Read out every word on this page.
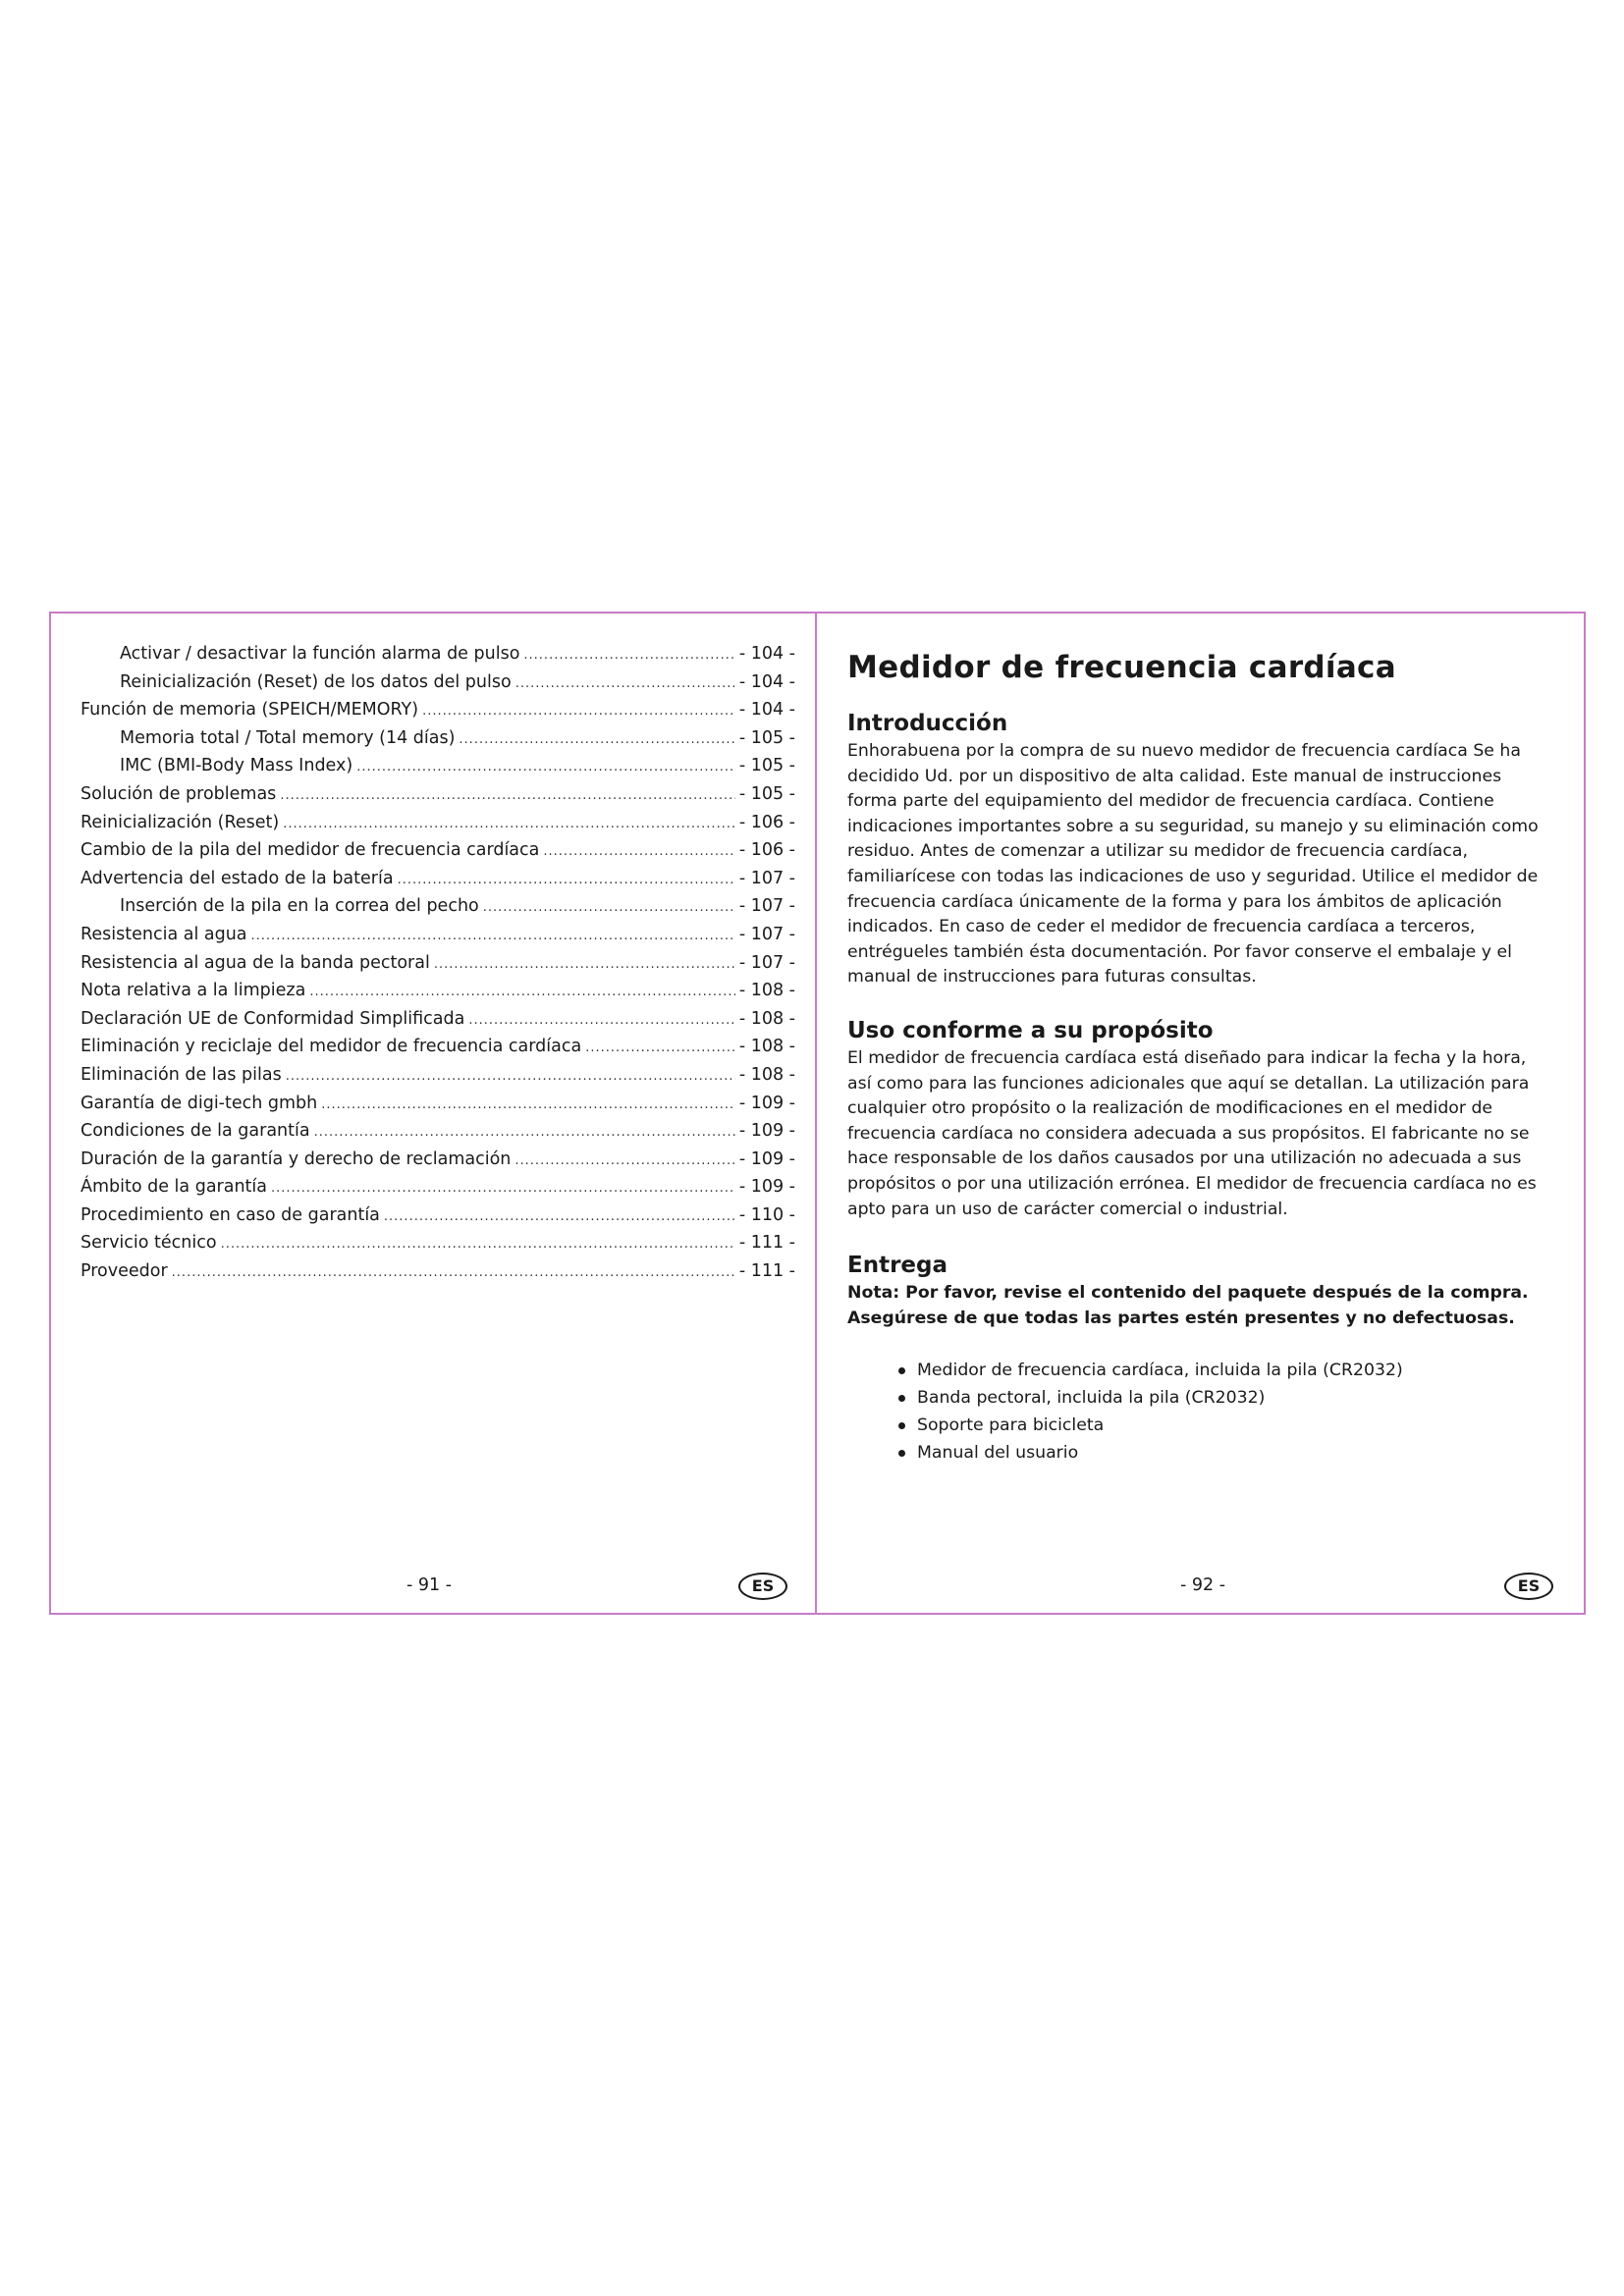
Activar / desactivar la función alarma de pulso .....	- 104 -
Reinicialización (Reset) de los datos del pulso .....	- 104 -
Función de memoria (SPEICH/MEMORY) .....	- 104 -
Memoria total / Total memory (14 días) .....	- 105 -
IMC (BMI-Body Mass Index) .....	- 105 -
Solución de problemas .....	- 105 -
Reinicialización (Reset) .....	- 106 -
Cambio de la pila del medidor de frecuencia cardíaca .....	- 106 -
Advertencia del estado de la batería .....	- 107 -
Inserción de la pila en la correa del pecho .....	- 107 -
Resistencia al agua .....	- 107 -
Resistencia al agua de la banda pectoral .....	- 107 -
Nota relativa a la limpieza .....	- 108 -
Declaración UE de Conformidad Simplificada .....	- 108 -
Eliminación y reciclaje del medidor de frecuencia cardíaca .....	- 108 -
Eliminación de las pilas .....	- 108 -
Garantía de digi-tech gmbh .....	- 109 -
Condiciones de la garantía .....	- 109 -
Duración de la garantía y derecho de reclamación .....	- 109 -
Ámbito de la garantía .....	- 109 -
Procedimiento en caso de garantía .....	- 110 -
Servicio técnico .....	- 111 -
Proveedor .....	- 111 -
- 91 -	ES
Medidor de frecuencia cardíaca
Introducción

Enhorabuena por la compra de su nuevo medidor de frecuencia cardíaca Se ha decidido Ud. por un dispositivo de alta calidad. Este manual de instrucciones forma parte del equipamiento del medidor de frecuencia cardíaca. Contiene indicaciones importantes sobre a su seguridad, su manejo y su eliminación como residuo. Antes de comenzar a utilizar su medidor de frecuencia cardíaca, familiarícese con todas las indicaciones de uso y seguridad. Utilice el medidor de frecuencia cardíaca únicamente de la forma y para los ámbitos de aplicación indicados. En caso de ceder el medidor de frecuencia cardíaca a terceros, entrégueles también ésta documentación. Por favor conserve el embalaje y el manual de instrucciones para futuras consultas.

Uso conforme a su propósito

El medidor de frecuencia cardíaca está diseñado para indicar la fecha y la hora, así como para las funciones adicionales que aquí se detallan. La utilización para cualquier otro propósito o la realización de modificaciones en el medidor de frecuencia cardíaca no considera adecuada a sus propósitos. El fabricante no se hace responsable de los daños causados por una utilización no adecuada a sus propósitos o por una utilización errónea. El medidor de frecuencia cardíaca no es apto para un uso de carácter comercial o industrial.

Entrega

Nota: Por favor, revise el contenido del paquete después de la compra. Asegúrese de que todas las partes estén presentes y no defectuosas.

Medidor de frecuencia cardíaca, incluida la pila (CR2032)
Banda pectoral, incluida la pila (CR2032)
Soporte para bicicleta
Manual del usuario
- 92 -	ES
